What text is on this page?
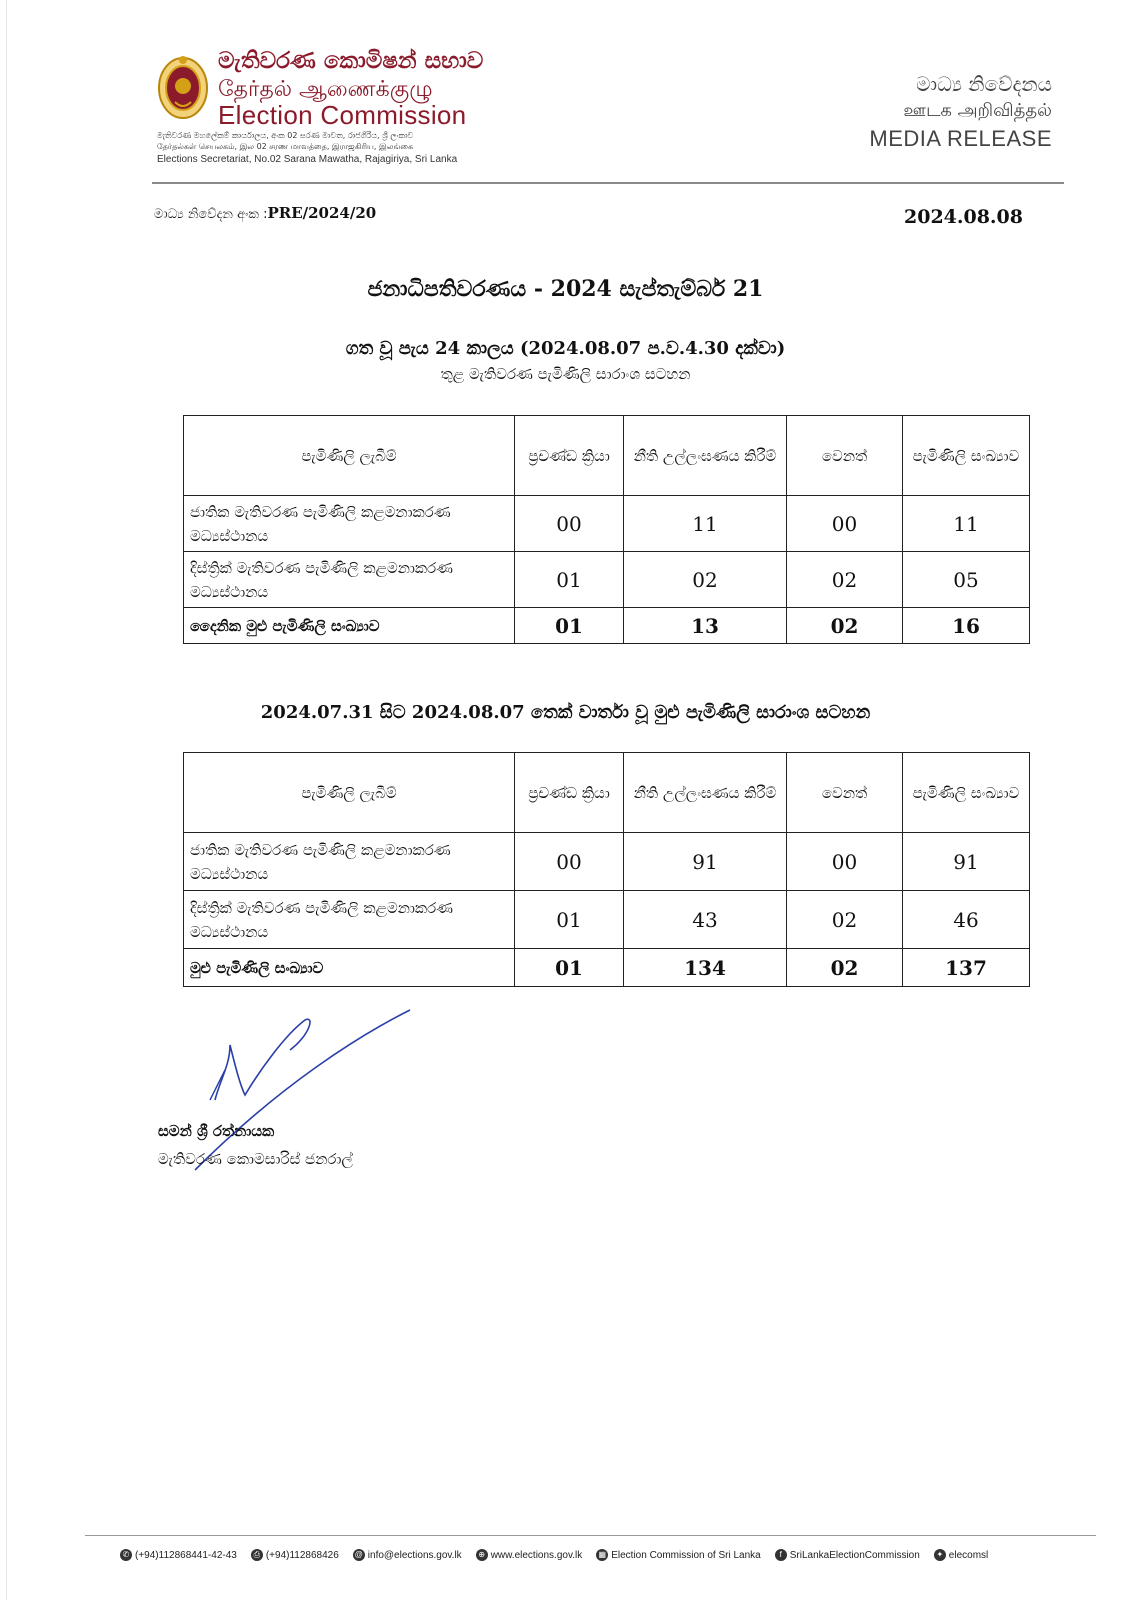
මැතිවරණ කොමිෂන් සභාව
தேர்தல் ஆணைக்குழு
Election Commission
මැතිවරණ මහලේකම් කාර්යාලය, අංක 02 සරණ මාවත, රාජගිරිය, ශ්‍රී ලංකාව
தேர்தல்கள் செயலகம், இல 02 சரண மாவத்தை, இராஜகிரிய, இலங்கை
Elections Secretariat, No.02 Sarana Mawatha, Rajagiriya, Sri Lanka
මාධ්‍ය නිවේදනය
ஊடக அறிவித்தல்
MEDIA RELEASE
මාධ්‍ය නිවේදන අංක :PRE/2024/20	2024.08.08
ජනාධිපතිවරණය - 2024 සැප්තැම්බර් 21
ගත වූ පැය 24 කාලය (2024.08.07 ප.ව.4.30 දක්වා)
තුළ මැතිවරණ පැමිණිලි සාරාංශ සටහන
පැමිණිලි ලැබීම්	ප්‍රචණ්ඩ ක්‍රියා	නීති උල්ලංඝණය කිරීම්	වෙනත්	පැමිණිලි සංඛ්‍යාව
ජාතික මැතිවරණ පැමිණිලි කළමනාකරණ මධ්‍යස්ථානය	00	11	00	11
දිස්ත්‍රික් මැතිවරණ පැමිණිලි කළමනාකරණ මධ්‍යස්ථානය	01	02	02	05
දෛනික මුළු පැමිණිලි සංඛ්‍යාව	01	13	02	16
2024.07.31 සිට 2024.08.07 තෙක් වාර්තා වූ මුළු පැමිණිලි සාරාංශ සටහන
පැමිණිලි ලැබීම්	ප්‍රචණ්ඩ ක්‍රියා	නීති උල්ලංඝණය කිරීම්	වෙනත්	පැමිණිලි සංඛ්‍යාව
ජාතික මැතිවරණ පැමිණිලි කළමනාකරණ මධ්‍යස්ථානය	00	91	00	91
දිස්ත්‍රික් මැතිවරණ පැමිණිලි කළමනාකරණ මධ්‍යස්ථානය	01	43	02	46
මුළු පැමිණිලි සංඛ්‍යාව	01	134	02	137
සමන් ශ්‍රී රත්නායක
මැතිවරණ කොමසාරිස් ජනරාල්
✆ (+94)112868441-42-43	⎙ (+94)112868426 @ info@elections.gov.lk	⊕ www.elections.gov.lk ▦ Election Commission of Sri Lanka	f SriLankaElectionCommission	✦ elecomsl
